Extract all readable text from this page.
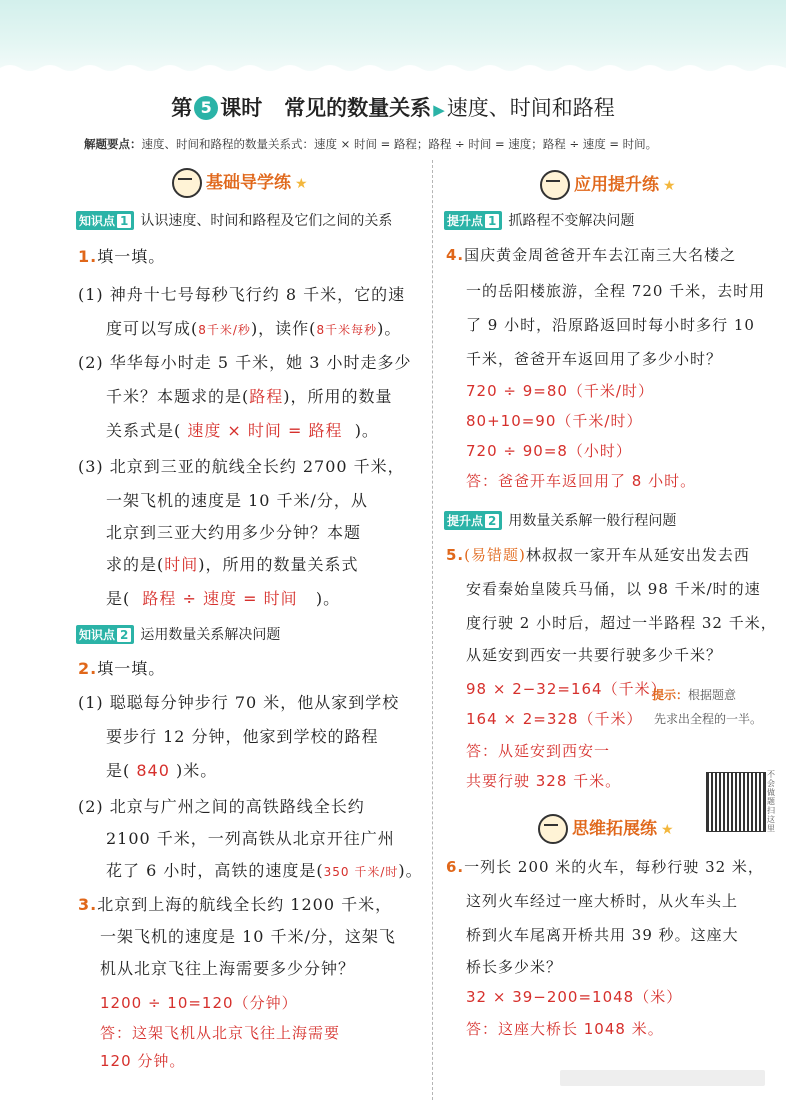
第 5 课时 常见的数量关系 ▶速度、时间和路程
解题要点：速度、时间和路程的数量关系式：速度 × 时间 = 路程；路程 ÷ 时间 = 速度；路程 ÷ 速度 = 时间。
基础导学练 ★
知识点 1 认识速度、时间和路程及它们之间的关系
1.填一填。
(1) 神舟十七号每秒飞行约 8 千米，它的速
度可以写成(8千米/秒)，读作(8千米每秒)。
(2) 华华每小时走 5 千米，她 3 小时走多少
千米？本题求的是(路程)，所用的数量
关系式是( 速度 × 时间 = 路程 )。
(3) 北京到三亚的航线全长约 2700 千米，
一架飞机的速度是 10 千米/分，从
北京到三亚大约用多少分钟？本题
求的是(时间)，所用的数量关系式
是( 路程 ÷ 速度 = 时间 )。
知识点 2 运用数量关系解决问题
2.填一填。
(1) 聪聪每分钟步行 70 米，他从家到学校
要步行 12 分钟，他家到学校的路程
是( 840 )米。
(2) 北京与广州之间的高铁路线全长约
2100 千米，一列高铁从北京开往广州
花了 6 小时，高铁的速度是(350 千米/时)。
3.北京到上海的航线全长约 1200 千米，
一架飞机的速度是 10 千米/分，这架飞
机从北京飞往上海需要多少分钟？
1200 ÷ 10=120（分钟）
答：这架飞机从北京飞往上海需要
120 分钟。
应用提升练 ★
提升点 1 抓路程不变解决问题
4.国庆黄金周爸爸开车去江南三大名楼之
一的岳阳楼旅游，全程 720 千米，去时用
了 9 小时，沿原路返回时每小时多行 10
千米，爸爸开车返回用了多少小时？
720 ÷ 9=80（千米/时）
80+10=90（千米/时）
720 ÷ 90=8（小时）
答：爸爸开车返回用了 8 小时。
提升点 2 用数量关系解一般行程问题
5.(易错题)林叔叔一家开车从延安出发去西
安看秦始皇陵兵马俑，以 98 千米/时的速
度行驶 2 小时后，超过一半路程 32 千米，
从延安到西安一共要行驶多少千米？
98 × 2−32=164（千米）
164 × 2=328（千米）
答：从延安到西安一
共要行驶 328 千米。
提示：根据题意
先求出全程的一半。
不会做题扫这里
思维拓展练 ★
6.一列长 200 米的火车，每秒行驶 32 米，
这列火车经过一座大桥时，从火车头上
桥到火车尾离开桥共用 39 秒。这座大
桥长多少米？
32 × 39−200=1048（米）
答：这座大桥长 1048 米。
